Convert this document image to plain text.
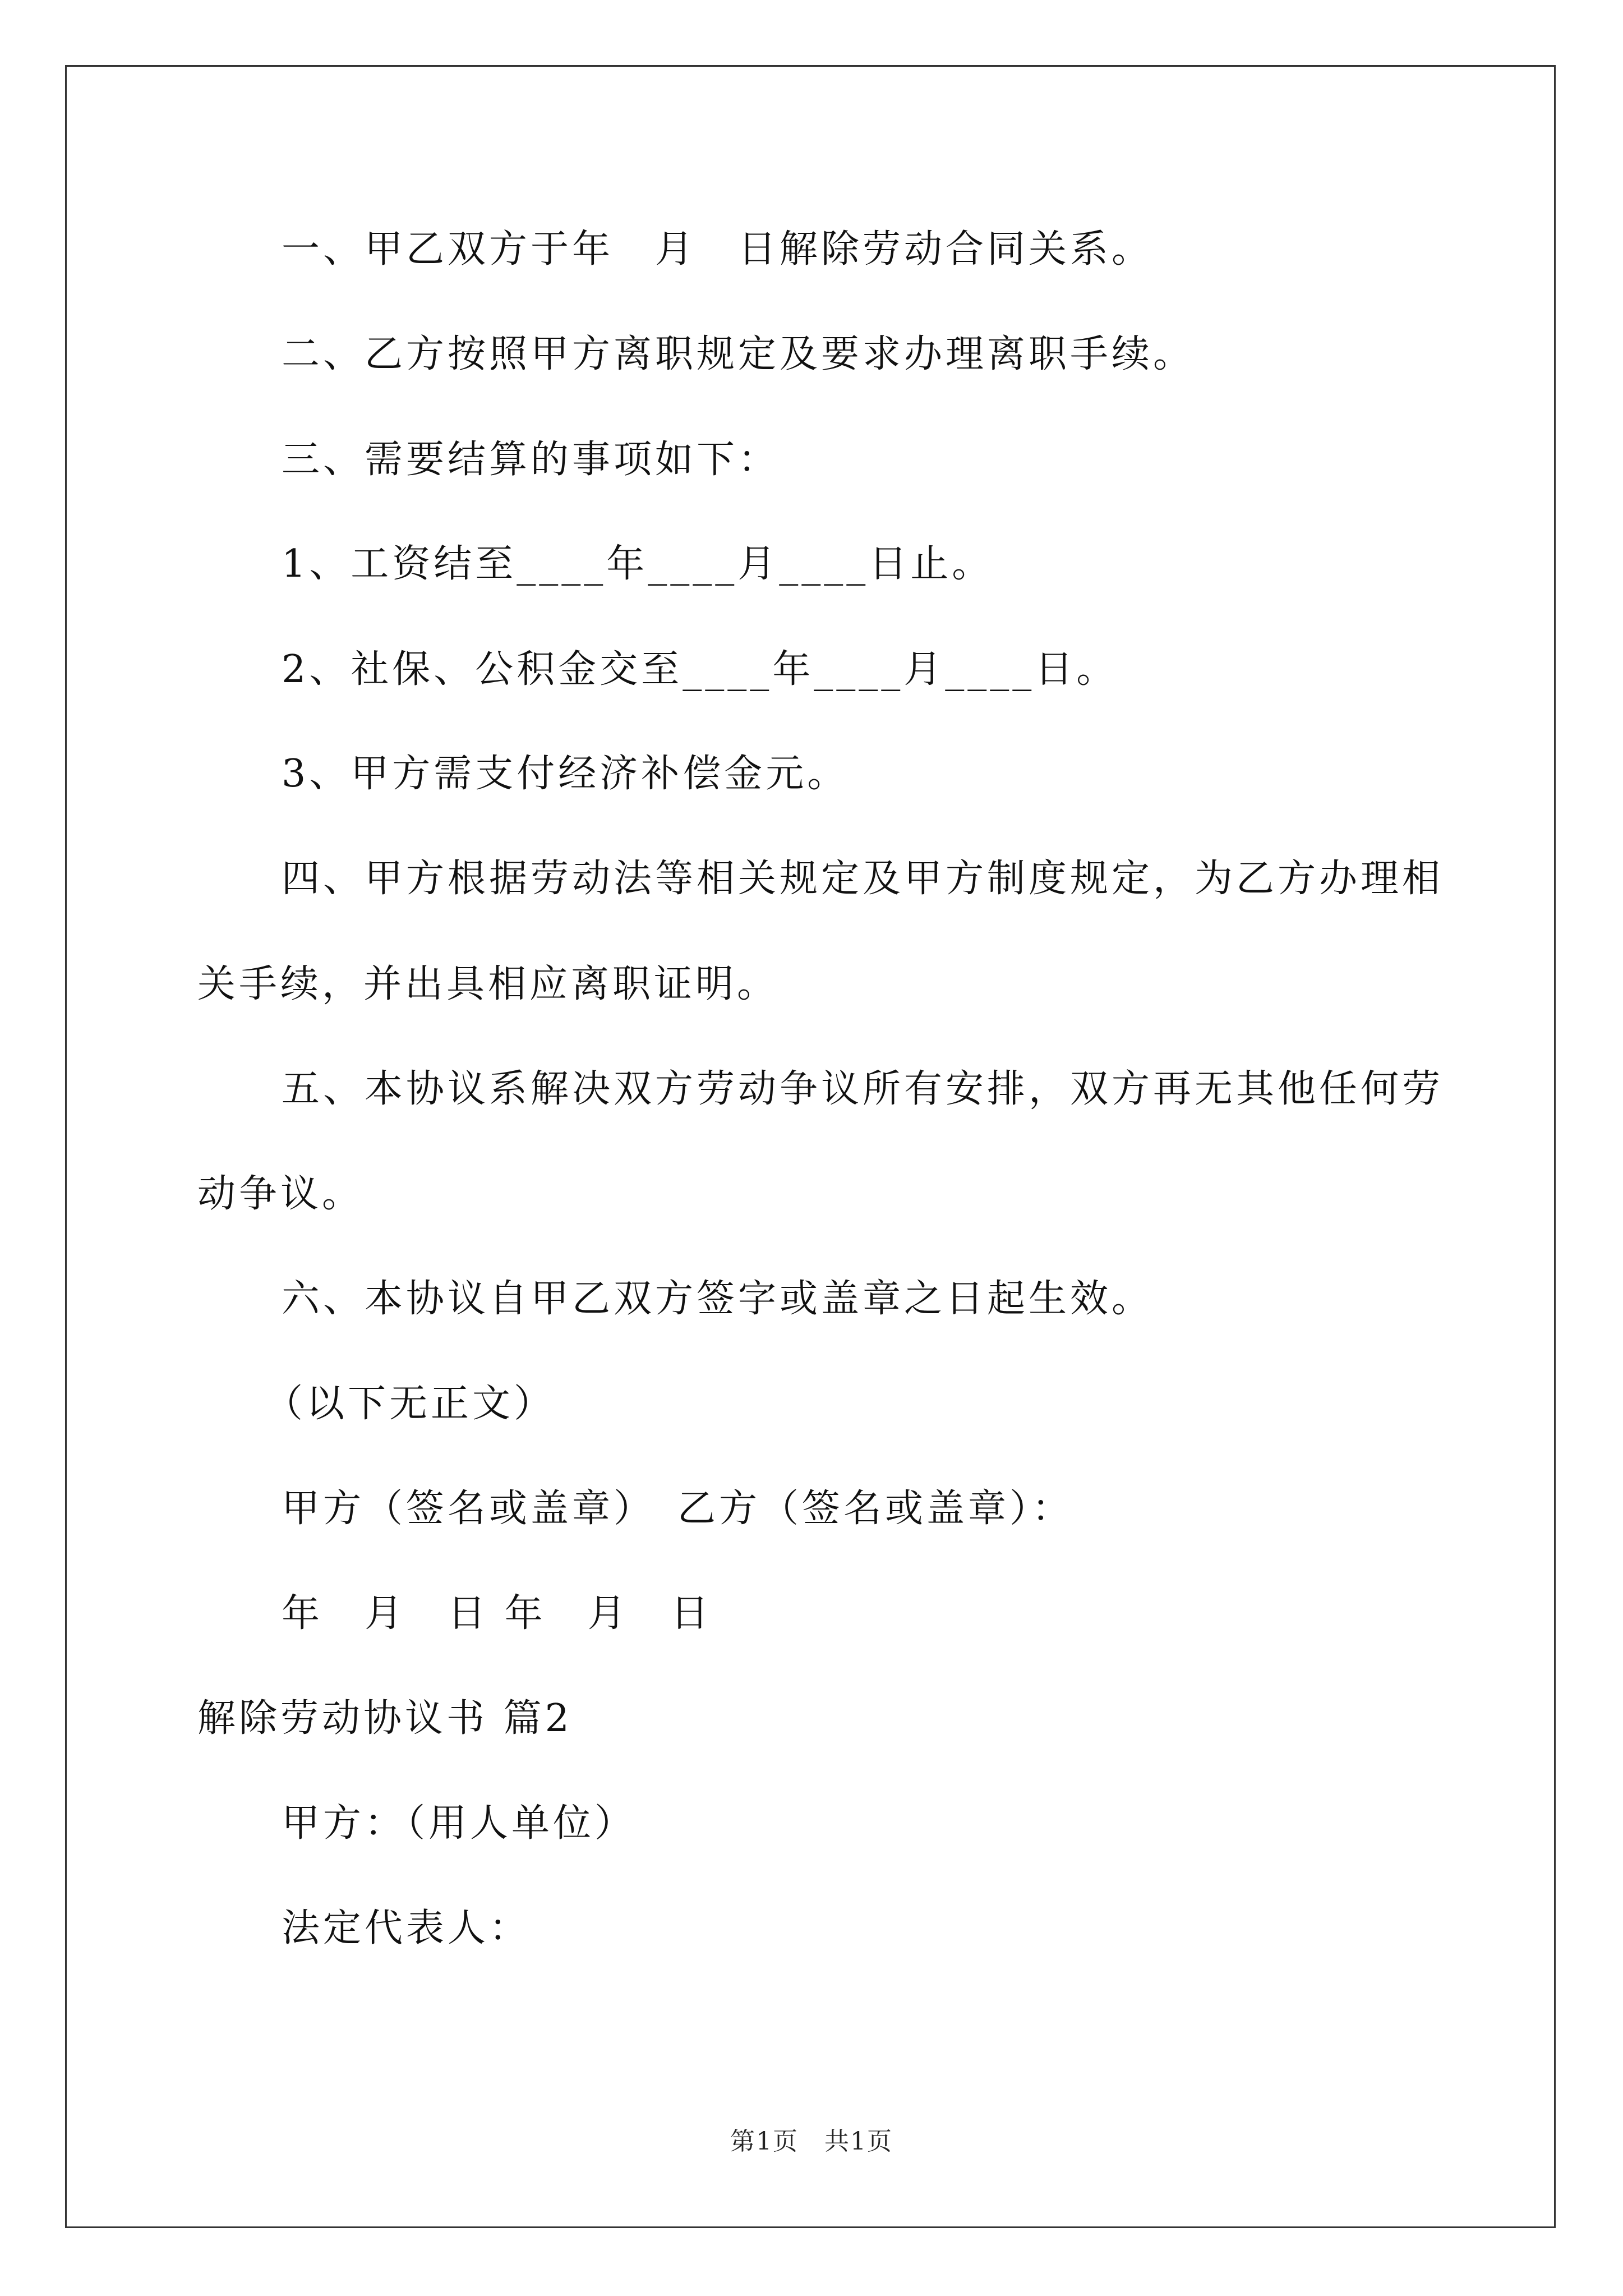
一、甲乙双方于年　月　日解除劳动合同关系。
二、乙方按照甲方离职规定及要求办理离职手续。
三、需要结算的事项如下：
1、工资结至____年____月____日止。
2、社保、公积金交至____年____月____日。
3、甲方需支付经济补偿金元。
四、甲方根据劳动法等相关规定及甲方制度规定，为乙方办理相
关手续，并出具相应离职证明。
五、本协议系解决双方劳动争议所有安排，双方再无其他任何劳
动争议。
六、本协议自甲乙双方签字或盖章之日起生效。
（以下无正文）
甲方（签名或盖章）　乙方（签名或盖章）：
年　月　日 年　月　日
解除劳动协议书 篇2
甲方：（用人单位）
法定代表人：
第1页　共1页
